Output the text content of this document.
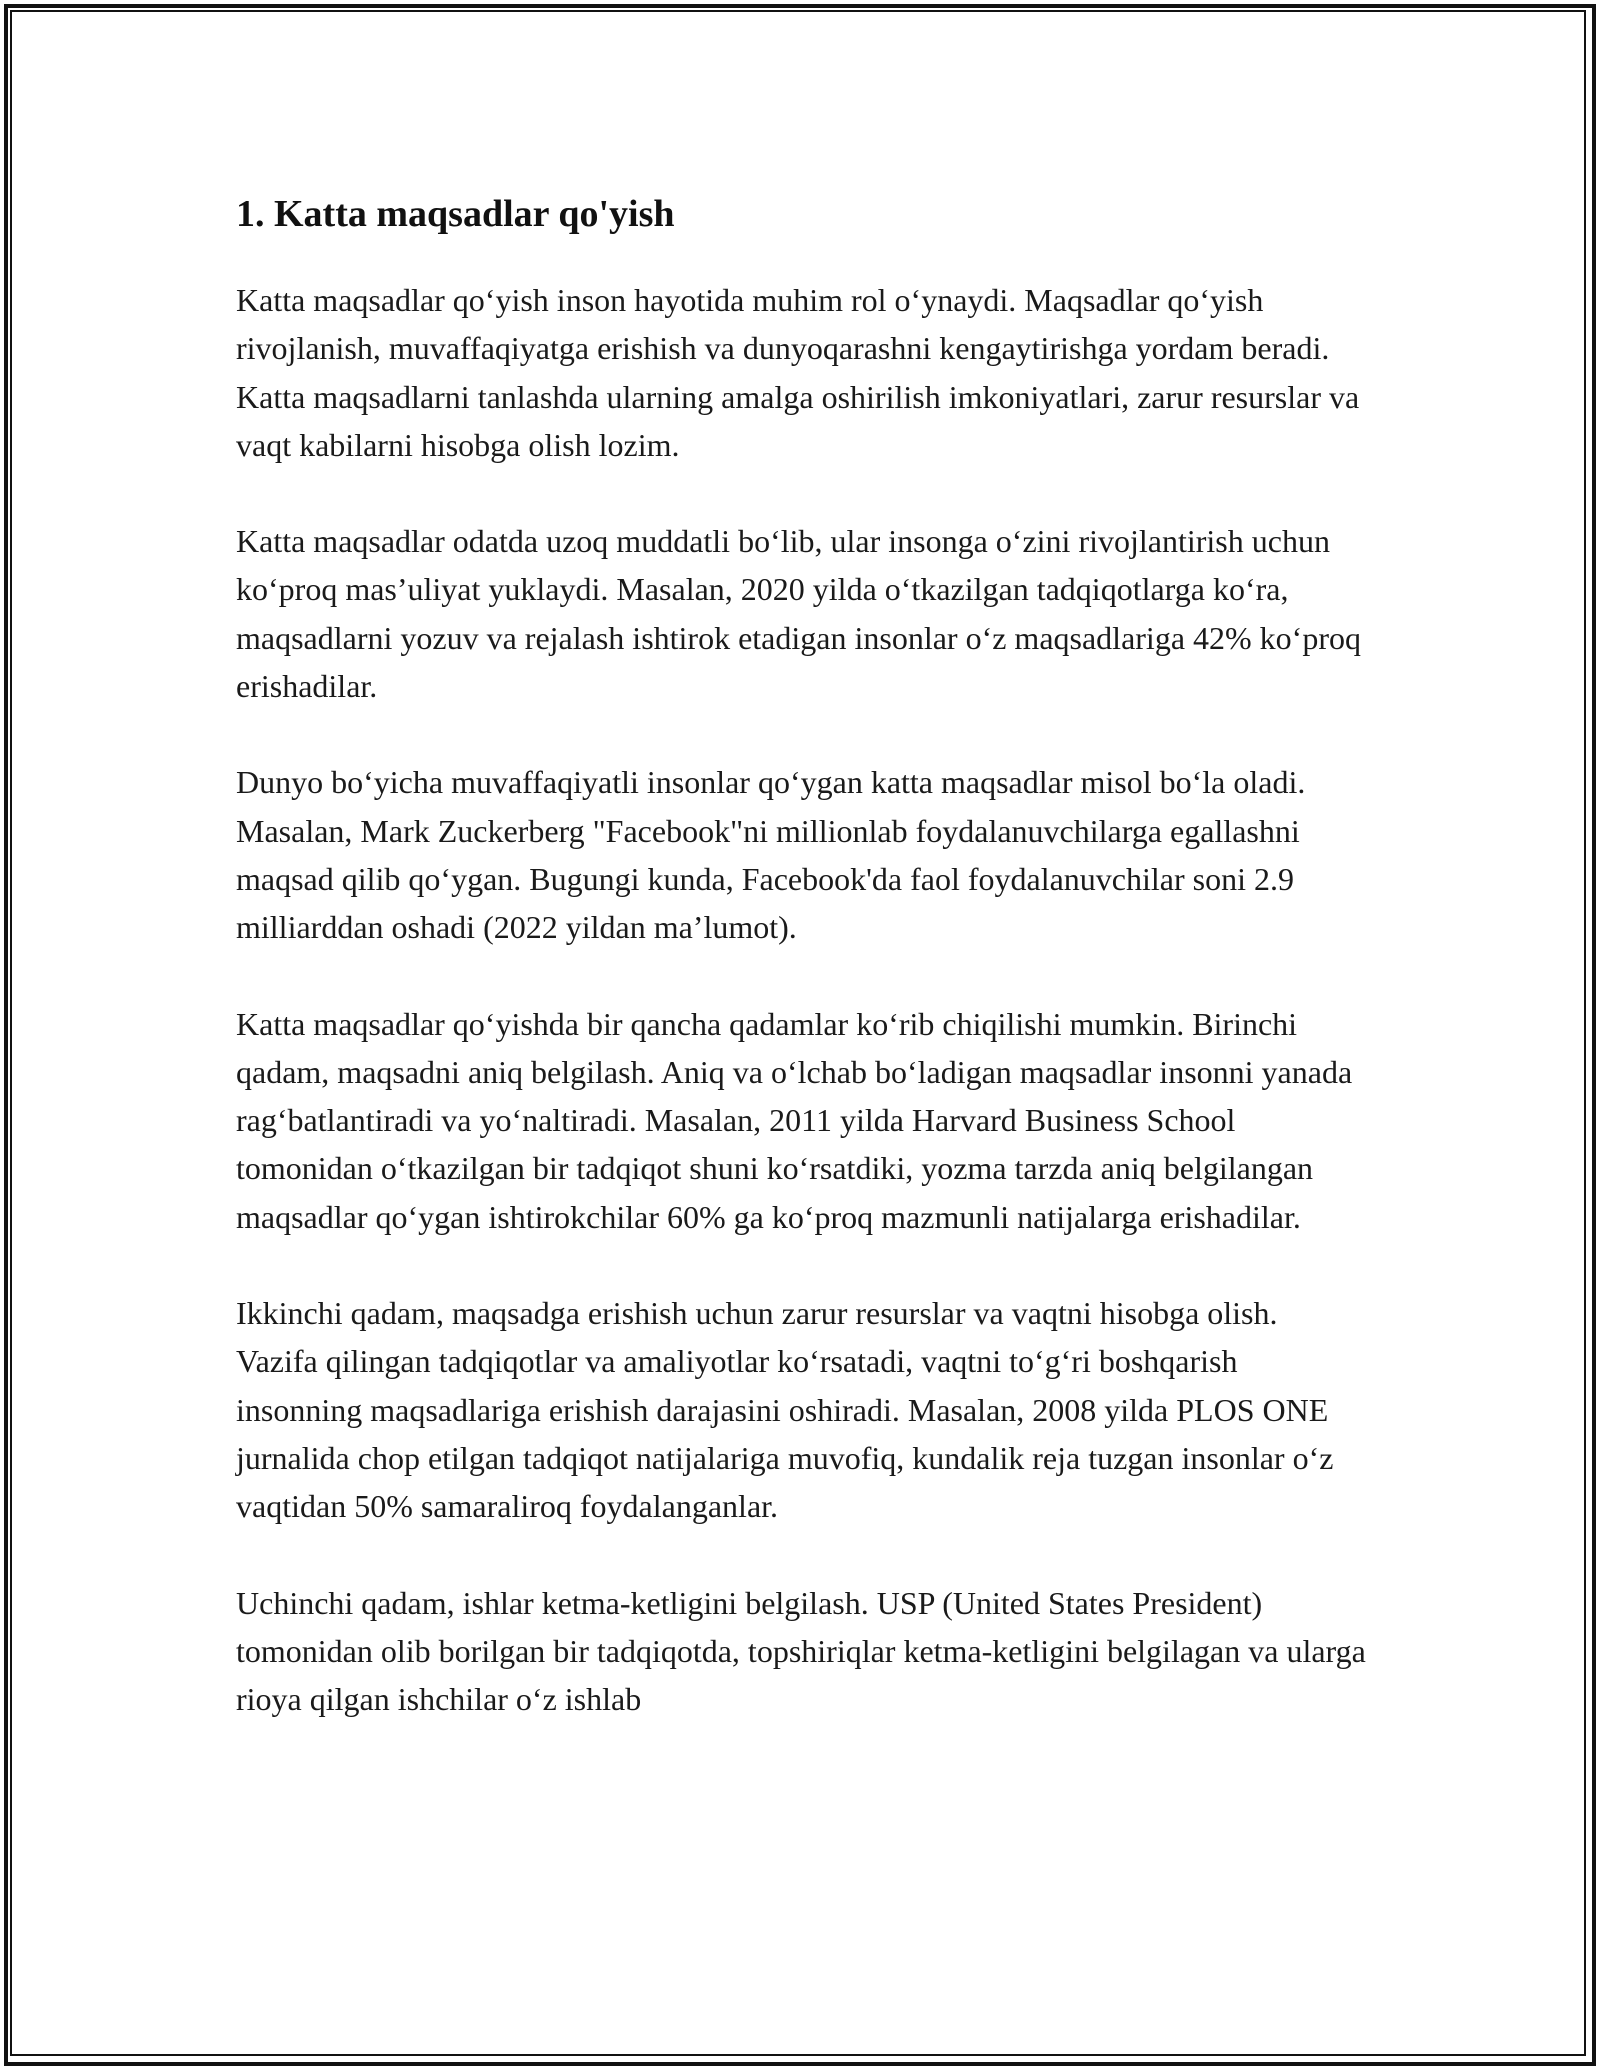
1. Katta maqsadlar qo'yish

Katta maqsadlar qo‘yish inson hayotida muhim rol o‘ynaydi. Maqsadlar qo‘yish rivojlanish, muvaffaqiyatga erishish va dunyoqarashni kengaytirishga yordam beradi. Katta maqsadlarni tanlashda ularning amalga oshirilish imkoniyatlari, zarur resurslar va vaqt kabilarni hisobga olish lozim.

Katta maqsadlar odatda uzoq muddatli bo‘lib, ular insonga o‘zini rivojlantirish uchun ko‘proq mas’uliyat yuklaydi. Masalan, 2020 yilda o‘tkazilgan tadqiqotlarga ko‘ra, maqsadlarni yozuv va rejalash ishtirok etadigan insonlar o‘z maqsadlariga 42% ko‘proq erishadilar.

Dunyo bo‘yicha muvaffaqiyatli insonlar qo‘ygan katta maqsadlar misol bo‘la oladi. Masalan, Mark Zuckerberg "Facebook"ni millionlab foydalanuvchilarga egallashni maqsad qilib qo‘ygan. Bugungi kunda, Facebook'da faol foydalanuvchilar soni 2.9 milliarddan oshadi (2022 yildan ma’lumot).

Katta maqsadlar qo‘yishda bir qancha qadamlar ko‘rib chiqilishi mumkin. Birinchi qadam, maqsadni aniq belgilash. Aniq va o‘lchab bo‘ladigan maqsadlar insonni yanada rag‘batlantiradi va yo‘naltiradi. Masalan, 2011 yilda Harvard Business School tomonidan o‘tkazilgan bir tadqiqot shuni ko‘rsatdiki, yozma tarzda aniq belgilangan maqsadlar qo‘ygan ishtirokchilar 60% ga ko‘proq mazmunli natijalarga erishadilar.

Ikkinchi qadam, maqsadga erishish uchun zarur resurslar va vaqtni hisobga olish. Vazifa qilingan tadqiqotlar va amaliyotlar ko‘rsatadi, vaqtni to‘g‘ri boshqarish insonning maqsadlariga erishish darajasini oshiradi. Masalan, 2008 yilda PLOS ONE jurnalida chop etilgan tadqiqot natijalariga muvofiq, kundalik reja tuzgan insonlar o‘z vaqtidan 50% samaraliroq foydalanganlar.

Uchinchi qadam, ishlar ketma-ketligini belgilash. USP (United States President) tomonidan olib borilgan bir tadqiqotda, topshiriqlar ketma-ketligini belgilagan va ularga rioya qilgan ishchilar o‘z ishlab
